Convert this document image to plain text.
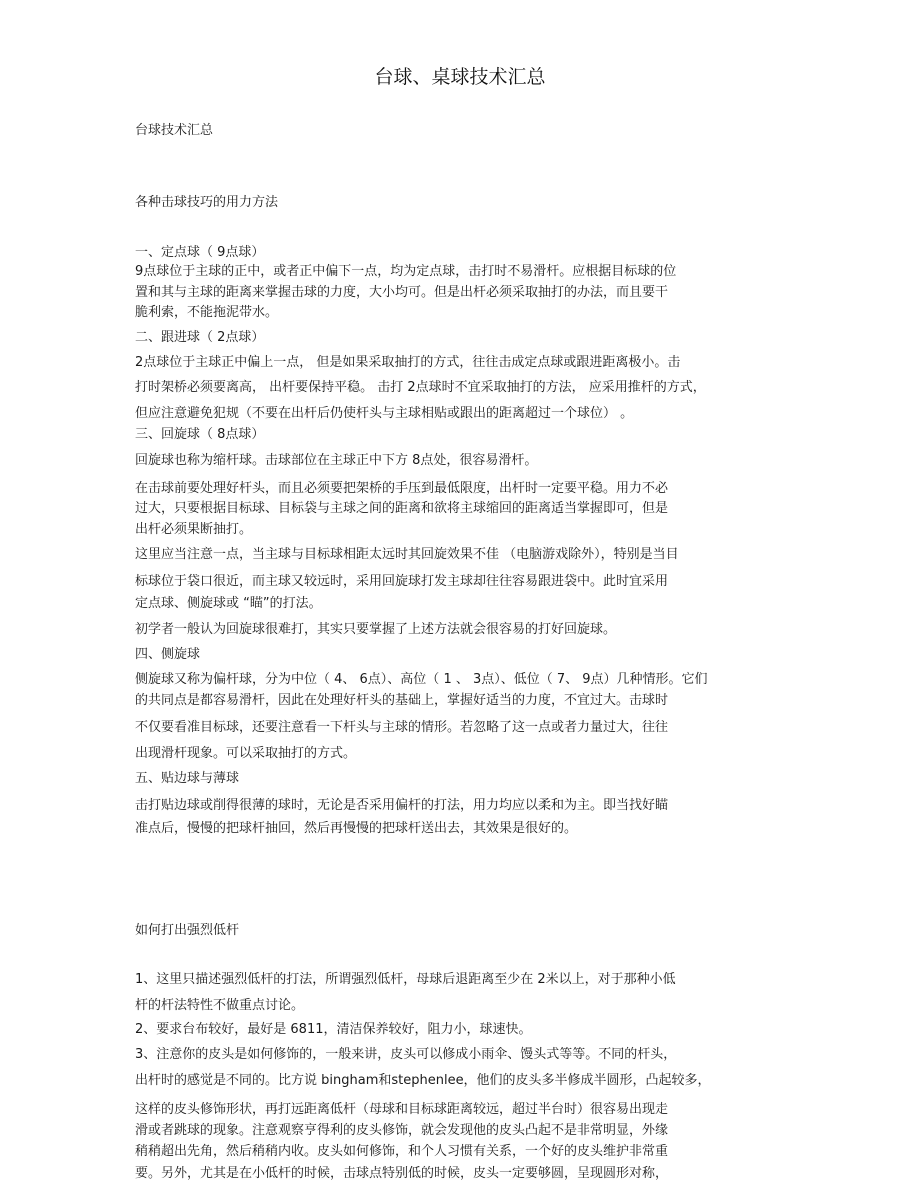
台球、桌球技术汇总
台球技术汇总
各种击球技巧的用力方法
一、定点球（ 9点球）
9点球位于主球的正中，或者正中偏下一点，均为定点球，击打时不易滑杆。应根据目标球的位
置和其与主球的距离来掌握击球的力度，大小均可。但是出杆必须采取抽打的办法，而且要干
脆利索，不能拖泥带水。
二、跟进球（ 2点球）
2点球位于主球正中偏上一点， 但是如果采取抽打的方式，往往击成定点球或跟进距离极小。击
打时架桥必须要离高， 出杆要保持平稳。 击打 2点球时不宜采取抽打的方法， 应采用推杆的方式，
但应注意避免犯规（不要在出杆后仍使杆头与主球相贴或跟出的距离超过一个球位） 。
三、回旋球（ 8点球）
回旋球也称为缩杆球。击球部位在主球正中下方 8点处，很容易滑杆。
在击球前要处理好杆头，而且必须要把架桥的手压到最低限度，出杆时一定要平稳。用力不必
过大，只要根据目标球、目标袋与主球之间的距离和欲将主球缩回的距离适当掌握即可，但是
出杆必须果断抽打。
这里应当注意一点，当主球与目标球相距太远时其回旋效果不佳 （电脑游戏除外），特别是当目
标球位于袋口很近，而主球又较远时，采用回旋球打发主球却往往容易跟进袋中。此时宜采用
定点球、侧旋球或 “瞄”的打法。
初学者一般认为回旋球很难打，其实只要掌握了上述方法就会很容易的打好回旋球。
四、侧旋球
侧旋球又称为偏杆球，分为中位（ 4、 6点）、高位（ 1 、 3点）、低位（ 7、 9点）几种情形。它们
的共同点是都容易滑杆，因此在处理好杆头的基础上，掌握好适当的力度，不宜过大。击球时
不仅要看准目标球，还要注意看一下杆头与主球的情形。若忽略了这一点或者力量过大，往往
出现滑杆现象。可以采取抽打的方式。
五、贴边球与薄球
击打贴边球或削得很薄的球时，无论是否采用偏杆的打法，用力均应以柔和为主。即当找好瞄
准点后，慢慢的把球杆抽回，然后再慢慢的把球杆送出去，其效果是很好的。
如何打出强烈低杆
1、这里只描述强烈低杆的打法，所谓强烈低杆，母球后退距离至少在 2米以上，对于那种小低
杆的杆法特性不做重点讨论。
2、要求台布较好，最好是 6811，清洁保养较好，阻力小，球速快。
3、注意你的皮头是如何修饰的，一般来讲，皮头可以修成小雨伞、馒头式等等。不同的杆头，
出杆时的感觉是不同的。比方说 bingham和stephenlee，他们的皮头多半修成半圆形，凸起较多，
这样的皮头修饰形状，再打远距离低杆（母球和目标球距离较远，超过半台时）很容易出现走
滑或者跳球的现象。注意观察亨得利的皮头修饰，就会发现他的皮头凸起不是非常明显，外缘
稍稍超出先角，然后稍稍内收。皮头如何修饰，和个人习惯有关系，一个好的皮头维护非常重
要。另外，尤其是在小低杆的时候，击球点特别低的时候，皮头一定要够圆，呈现圆形对称，
